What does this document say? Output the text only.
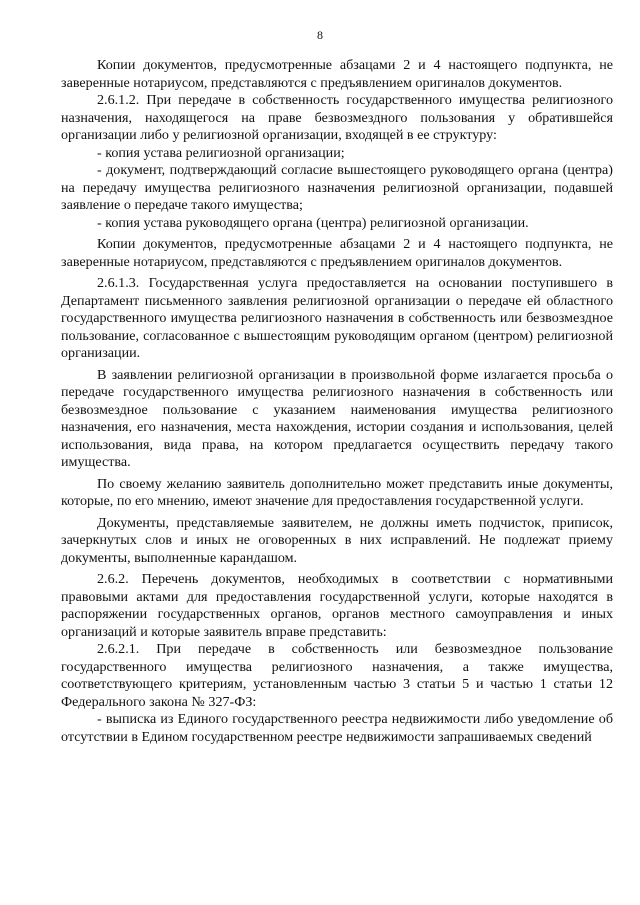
8

Копии документов, предусмотренные абзацами 2 и 4 настоящего подпункта, не заверенные нотариусом, представляются с предъявлением оригиналов документов.

2.6.1.2. При передаче в собственность государственного имущества религиозного назначения, находящегося на праве безвозмездного пользования у обратившейся организации либо у религиозной организации, входящей в ее структуру:

- копия устава религиозной организации;

- документ, подтверждающий согласие вышестоящего руководящего органа (центра) на передачу имущества религиозного назначения религиозной организации, подавшей заявление о передаче такого имущества;

- копия устава руководящего органа (центра) религиозной организации.

Копии документов, предусмотренные абзацами 2 и 4 настоящего подпункта, не заверенные нотариусом, представляются с предъявлением оригиналов документов.

2.6.1.3. Государственная услуга предоставляется на основании поступившего в Департамент письменного заявления религиозной организации о передаче ей областного государственного имущества религиозного назначения в собственность или безвозмездное пользование, согласованное с вышестоящим руководящим органом (центром) религиозной организации.

В заявлении религиозной организации в произвольной форме излагается просьба о передаче государственного имущества религиозного назначения в собственность или безвозмездное пользование с указанием наименования имущества религиозного назначения, его назначения, места нахождения, истории создания и использования, целей использования, вида права, на котором предлагается осуществить передачу такого имущества.

По своему желанию заявитель дополнительно может представить иные документы, которые, по его мнению, имеют значение для предоставления государственной услуги.

Документы, представляемые заявителем, не должны иметь подчисток, приписок, зачеркнутых слов и иных не оговоренных в них исправлений. Не подлежат приему документы, выполненные карандашом.

2.6.2. Перечень документов, необходимых в соответствии с нормативными правовыми актами для предоставления государственной услуги, которые находятся в распоряжении государственных органов, органов местного самоуправления и иных организаций и которые заявитель вправе представить:

2.6.2.1. При передаче в собственность или безвозмездное пользование государственного имущества религиозного назначения, а также имущества, соответствующего критериям, установленным частью 3 статьи 5 и частью 1 статьи 12 Федерального закона № 327-ФЗ:

- выписка из Единого государственного реестра недвижимости либо уведомление об отсутствии в Едином государственном реестре недвижимости запрашиваемых сведений
